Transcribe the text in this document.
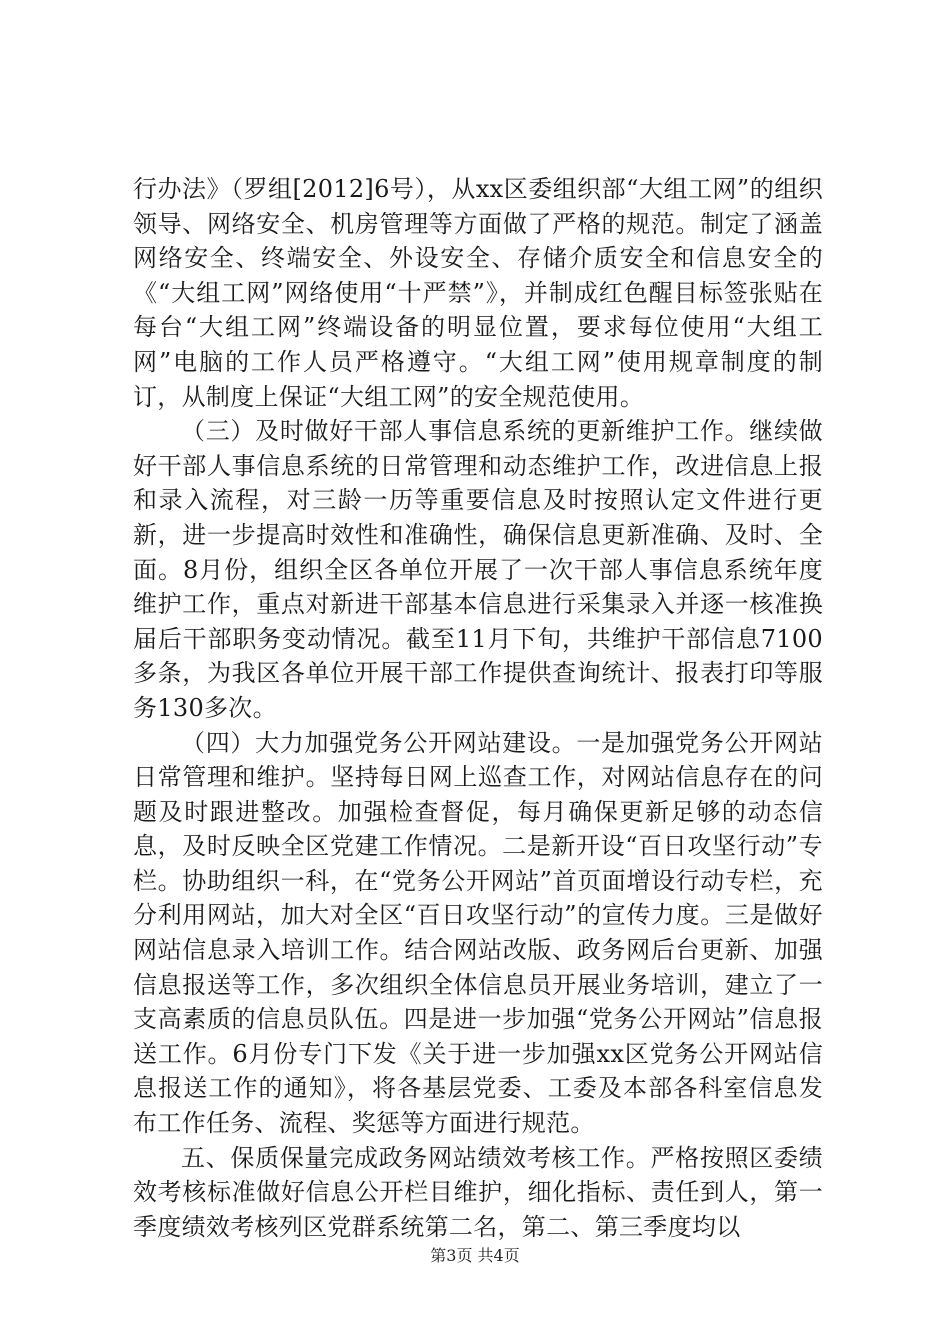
行办法》（罗组[2012]6号），从xx区委组织部“大组工网”的组织领导、网络安全、机房管理等方面做了严格的规范。制定了涵盖网络安全、终端安全、外设安全、存储介质安全和信息安全的《“大组工网”网络使用“十严禁”》，并制成红色醒目标签张贴在每台“大组工网”终端设备的明显位置，要求每位使用“大组工网”电脑的工作人员严格遵守。“大组工网”使用规章制度的制订，从制度上保证“大组工网”的安全规范使用。

（三）及时做好干部人事信息系统的更新维护工作。继续做好干部人事信息系统的日常管理和动态维护工作，改进信息上报和录入流程，对三龄一历等重要信息及时按照认定文件进行更新，进一步提高时效性和准确性，确保信息更新准确、及时、全面。8月份，组织全区各单位开展了一次干部人事信息系统年度维护工作，重点对新进干部基本信息进行采集录入并逐一核准换届后干部职务变动情况。截至11月下旬，共维护干部信息7100多条，为我区各单位开展干部工作提供查询统计、报表打印等服务130多次。

（四）大力加强党务公开网站建设。一是加强党务公开网站日常管理和维护。坚持每日网上巡查工作，对网站信息存在的问题及时跟进整改。加强检查督促，每月确保更新足够的动态信息，及时反映全区党建工作情况。二是新开设“百日攻坚行动”专栏。协助组织一科，在“党务公开网站”首页面增设行动专栏，充分利用网站，加大对全区“百日攻坚行动”的宣传力度。三是做好网站信息录入培训工作。结合网站改版、政务网后台更新、加强信息报送等工作，多次组织全体信息员开展业务培训，建立了一支高素质的信息员队伍。四是进一步加强“党务公开网站”信息报送工作。6月份专门下发《关于进一步加强xx区党务公开网站信息报送工作的通知》，将各基层党委、工委及本部各科室信息发布工作任务、流程、奖惩等方面进行规范。

五、保质保量完成政务网站绩效考核工作。严格按照区委绩效考核标准做好信息公开栏目维护，细化指标、责任到人，第一季度绩效考核列区党群系统第二名，第二、第三季度均以

第3页 共4页
